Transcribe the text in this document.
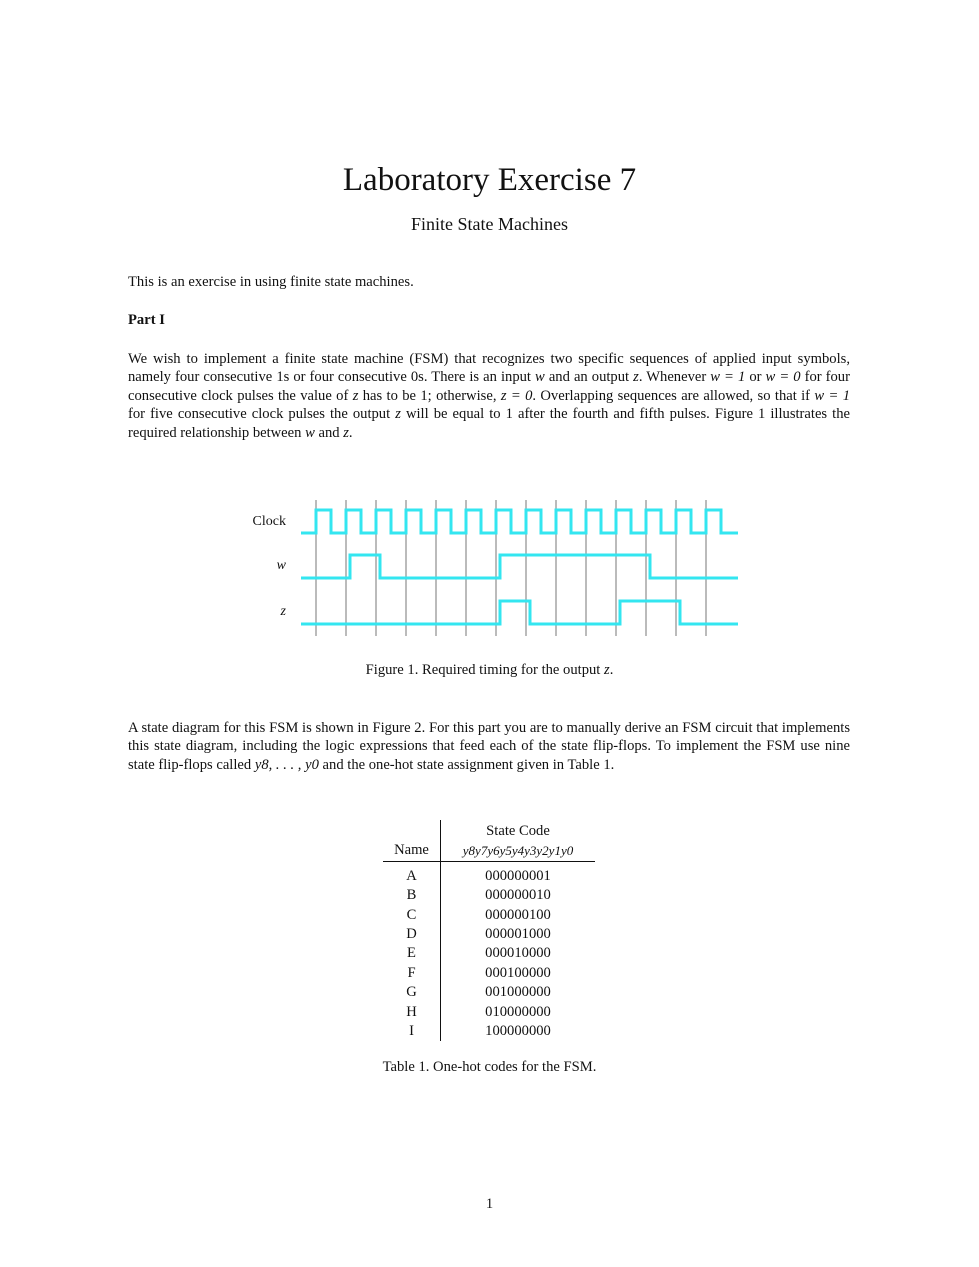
Laboratory Exercise 7
Finite State Machines
This is an exercise in using finite state machines.
Part I
We wish to implement a finite state machine (FSM) that recognizes two specific sequences of applied input symbols, namely four consecutive 1s or four consecutive 0s. There is an input w and an output z. Whenever w = 1 or w = 0 for four consecutive clock pulses the value of z has to be 1; otherwise, z = 0. Overlapping sequences are allowed, so that if w = 1 for five consecutive clock pulses the output z will be equal to 1 after the fourth and fifth pulses. Figure 1 illustrates the required relationship between w and z.
Clock
w
z
Figure 1. Required timing for the output z.
A state diagram for this FSM is shown in Figure 2. For this part you are to manually derive an FSM circuit that implements this state diagram, including the logic expressions that feed each of the state flip-flops. To implement the FSM use nine state flip-flops called y8, . . . , y0 and the one-hot state assignment given in Table 1.
	State Code
Name	y8y7y6y5y4y3y2y1y0
A	000000001
B	000000010
C	000000100
D	000001000
E	000010000
F	000100000
G	001000000
H	010000000
I	100000000
Table 1. One-hot codes for the FSM.
1
